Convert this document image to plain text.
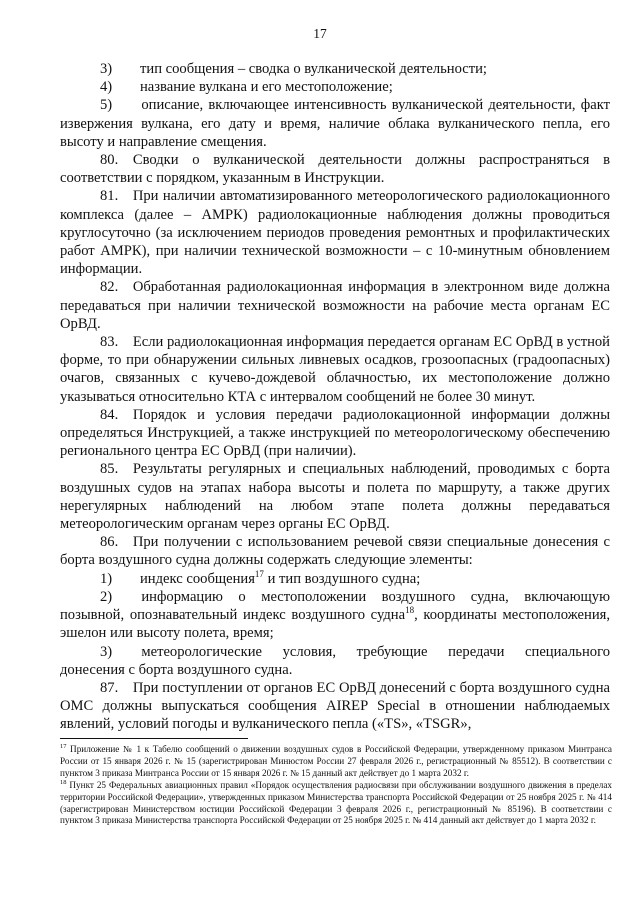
17

3) тип сообщения – сводка о вулканической деятельности;

4) название вулкана и его местоположение;

5)   описание, включающее интенсивность вулканической деятельности, факт извержения вулкана, его дату и время, наличие облака вулканического пепла, его высоту и направление смещения.

80. Сводки о вулканической деятельности должны распространяться в соответствии с порядком, указанным в Инструкции.

81. При наличии автоматизированного метеорологического радиолокационного комплекса (далее – АМРК) радиолокационные наблюдения должны проводиться круглосуточно (за исключением периодов проведения ремонтных и профилактических работ АМРК), при наличии технической возможности – с 10-минутным обновлением информации.

82. Обработанная радиолокационная информация в электронном виде должна передаваться при наличии технической возможности на рабочие места органам ЕС ОрВД.

83. Если радиолокационная информация передается органам ЕС ОрВД в устной форме, то при обнаружении сильных ливневых осадков, грозоопасных (градоопасных) очагов, связанных с кучево-дождевой облачностью, их местоположение должно указываться относительно КТА с интервалом сообщений не более 30 минут.

84. Порядок и условия передачи радиолокационной информации должны определяться Инструкцией, а также инструкцией по метеорологическому обеспечению регионального центра ЕС ОрВД (при наличии).

85. Результаты регулярных и специальных наблюдений, проводимых с борта воздушных судов на этапах набора высоты и полета по маршруту, а также других нерегулярных наблюдений на любом этапе полета должны передаваться метеорологическим органам через органы ЕС ОрВД.

86. При получении с использованием речевой связи специальные донесения с борта воздушного судна должны содержать следующие элементы:

1) индекс сообщения$^{17}$ и тип воздушного судна;

2)   информацию о местоположении воздушного судна, включающую позывной, опознавательный индекс воздушного судна$^{18}$, координаты местоположения, эшелон или высоту полета, время;

3)   метеорологические условия, требующие передачи специального донесения с борта воздушного судна.

87. При поступлении от органов ЕС ОрВД донесений с борта воздушного судна ОМС должны выпускаться сообщения AIREP Special в отношении наблюдаемых явлений, условий погоды и вулканического пепла («TS», «TSGR»,

$^{17}$ Приложение № 1 к Табелю сообщений о движении воздушных судов в Российской Федерации, утвержденному приказом Минтранса России от 15 января 2026 г. № 15 (зарегистрирован Минюстом России 27 февраля 2026 г., регистрационный № 85512). В соответствии с пунктом 3 приказа Минтранса России от 15 января 2026 г. № 15 данный акт действует до 1 марта 2032 г.

$^{18}$ Пункт 25 Федеральных авиационных правил «Порядок осуществления радиосвязи при обслуживании воздушного движения в пределах территории Российской Федерации», утвержденных приказом Министерства транспорта Российской Федерации от 25 ноября 2025 г. № 414 (зарегистрирован Министерством юстиции Российской Федерации 3 февраля 2026 г., регистрационный № 85196). В соответствии с пунктом 3 приказа Министерства транспорта Российской Федерации от 25 ноября 2025 г. № 414 данный акт действует до 1 марта 2032 г.
